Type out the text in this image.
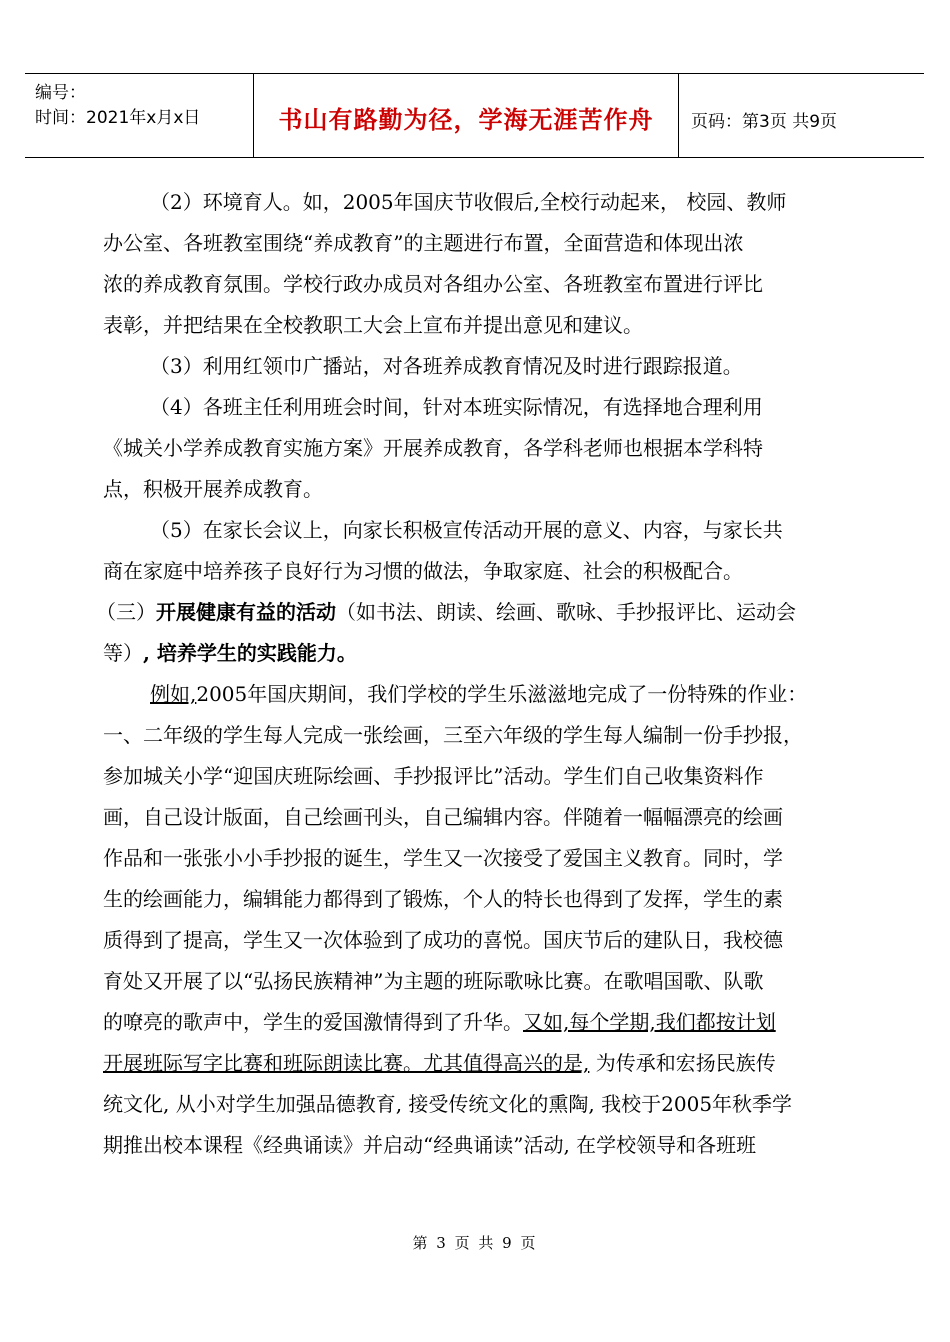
编号：
时间：2021年x月x日	书山有路勤为径，学海无涯苦作舟	页码：第3页 共9页
（2）环境育人。如，2005年国庆节收假后,全校行动起来， 校园、教师
办公室、各班教室围绕“养成教育”的主题进行布置，全面营造和体现出浓
浓的养成教育氛围。学校行政办成员对各组办公室、各班教室布置进行评比
表彰，并把结果在全校教职工大会上宣布并提出意见和建议。
（3）利用红领巾广播站，对各班养成教育情况及时进行跟踪报道。
（4）各班主任利用班会时间，针对本班实际情况，有选择地合理利用
《城关小学养成教育实施方案》开展养成教育，各学科老师也根据本学科特
点，积极开展养成教育。
（5）在家长会议上，向家长积极宣传活动开展的意义、内容，与家长共
商在家庭中培养孩子良好行为习惯的做法，争取家庭、社会的积极配合。
（三）开展健康有益的活动（如书法、朗读、绘画、歌咏、手抄报评比、运动会
等）, 培养学生的实践能力。
例如,2005年国庆期间，我们学校的学生乐滋滋地完成了一份特殊的作业：
一、二年级的学生每人完成一张绘画，三至六年级的学生每人编制一份手抄报，
参加城关小学“迎国庆班际绘画、手抄报评比”活动。学生们自己收集资料作
画，自己设计版面，自己绘画刊头，自己编辑内容。伴随着一幅幅漂亮的绘画
作品和一张张小小手抄报的诞生，学生又一次接受了爱国主义教育。同时，学
生的绘画能力，编辑能力都得到了锻炼，个人的特长也得到了发挥，学生的素
质得到了提高，学生又一次体验到了成功的喜悦。国庆节后的建队日，我校德
育处又开展了以“弘扬民族精神”为主题的班际歌咏比赛。在歌唱国歌、队歌
的嘹亮的歌声中，学生的爱国激情得到了升华。又如,每个学期,我们都按计划
开展班际写字比赛和班际朗读比赛。尤其值得高兴的是, 为传承和宏扬民族传
统文化, 从小对学生加强品德教育, 接受传统文化的熏陶, 我校于2005年秋季学
期推出校本课程《经典诵读》并启动“经典诵读”活动, 在学校领导和各班班
第 3 页 共 9 页
